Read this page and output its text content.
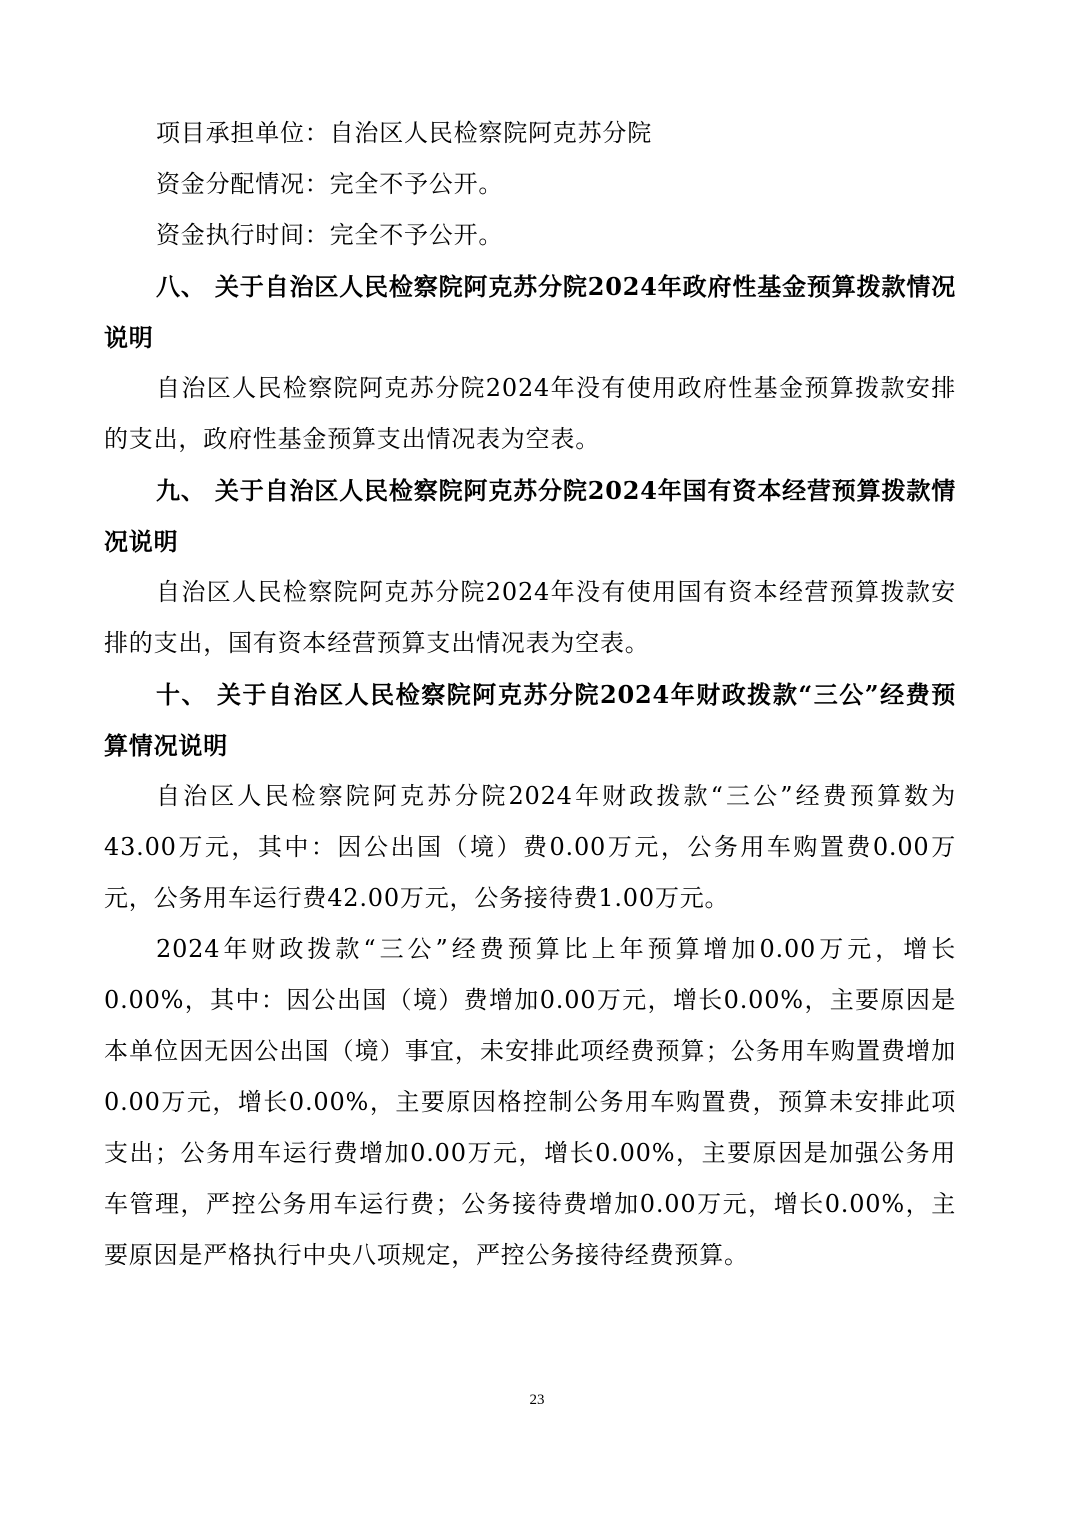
项目承担单位：自治区人民检察院阿克苏分院

资金分配情况：完全不予公开。

资金执行时间：完全不予公开。

八、 关于自治区人民检察院阿克苏分院2024年政府性基金预算拨款情况说明

自治区人民检察院阿克苏分院2024年没有使用政府性基金预算拨款安排的支出，政府性基金预算支出情况表为空表。

九、 关于自治区人民检察院阿克苏分院2024年国有资本经营预算拨款情况说明

自治区人民检察院阿克苏分院2024年没有使用国有资本经营预算拨款安排的支出，国有资本经营预算支出情况表为空表。

十、 关于自治区人民检察院阿克苏分院2024年财政拨款“三公”经费预算情况说明

自治区人民检察院阿克苏分院2024年财政拨款“三公”经费预算数为43.00万元，其中：因公出国（境）费0.00万元，公务用车购置费0.00万元，公务用车运行费42.00万元，公务接待费1.00万元。

2024年财政拨款“三公”经费预算比上年预算增加0.00万元，增长0.00%，其中：因公出国（境）费增加0.00万元，增长0.00%，主要原因是本单位因无因公出国（境）事宜，未安排此项经费预算；公务用车购置费增加0.00万元，增长0.00%，主要原因格控制公务用车购置费，预算未安排此项支出；公务用车运行费增加0.00万元，增长0.00%，主要原因是加强公务用车管理，严控公务用车运行费；公务接待费增加0.00万元，增长0.00%，主要原因是严格执行中央八项规定，严控公务接待经费预算。

23
